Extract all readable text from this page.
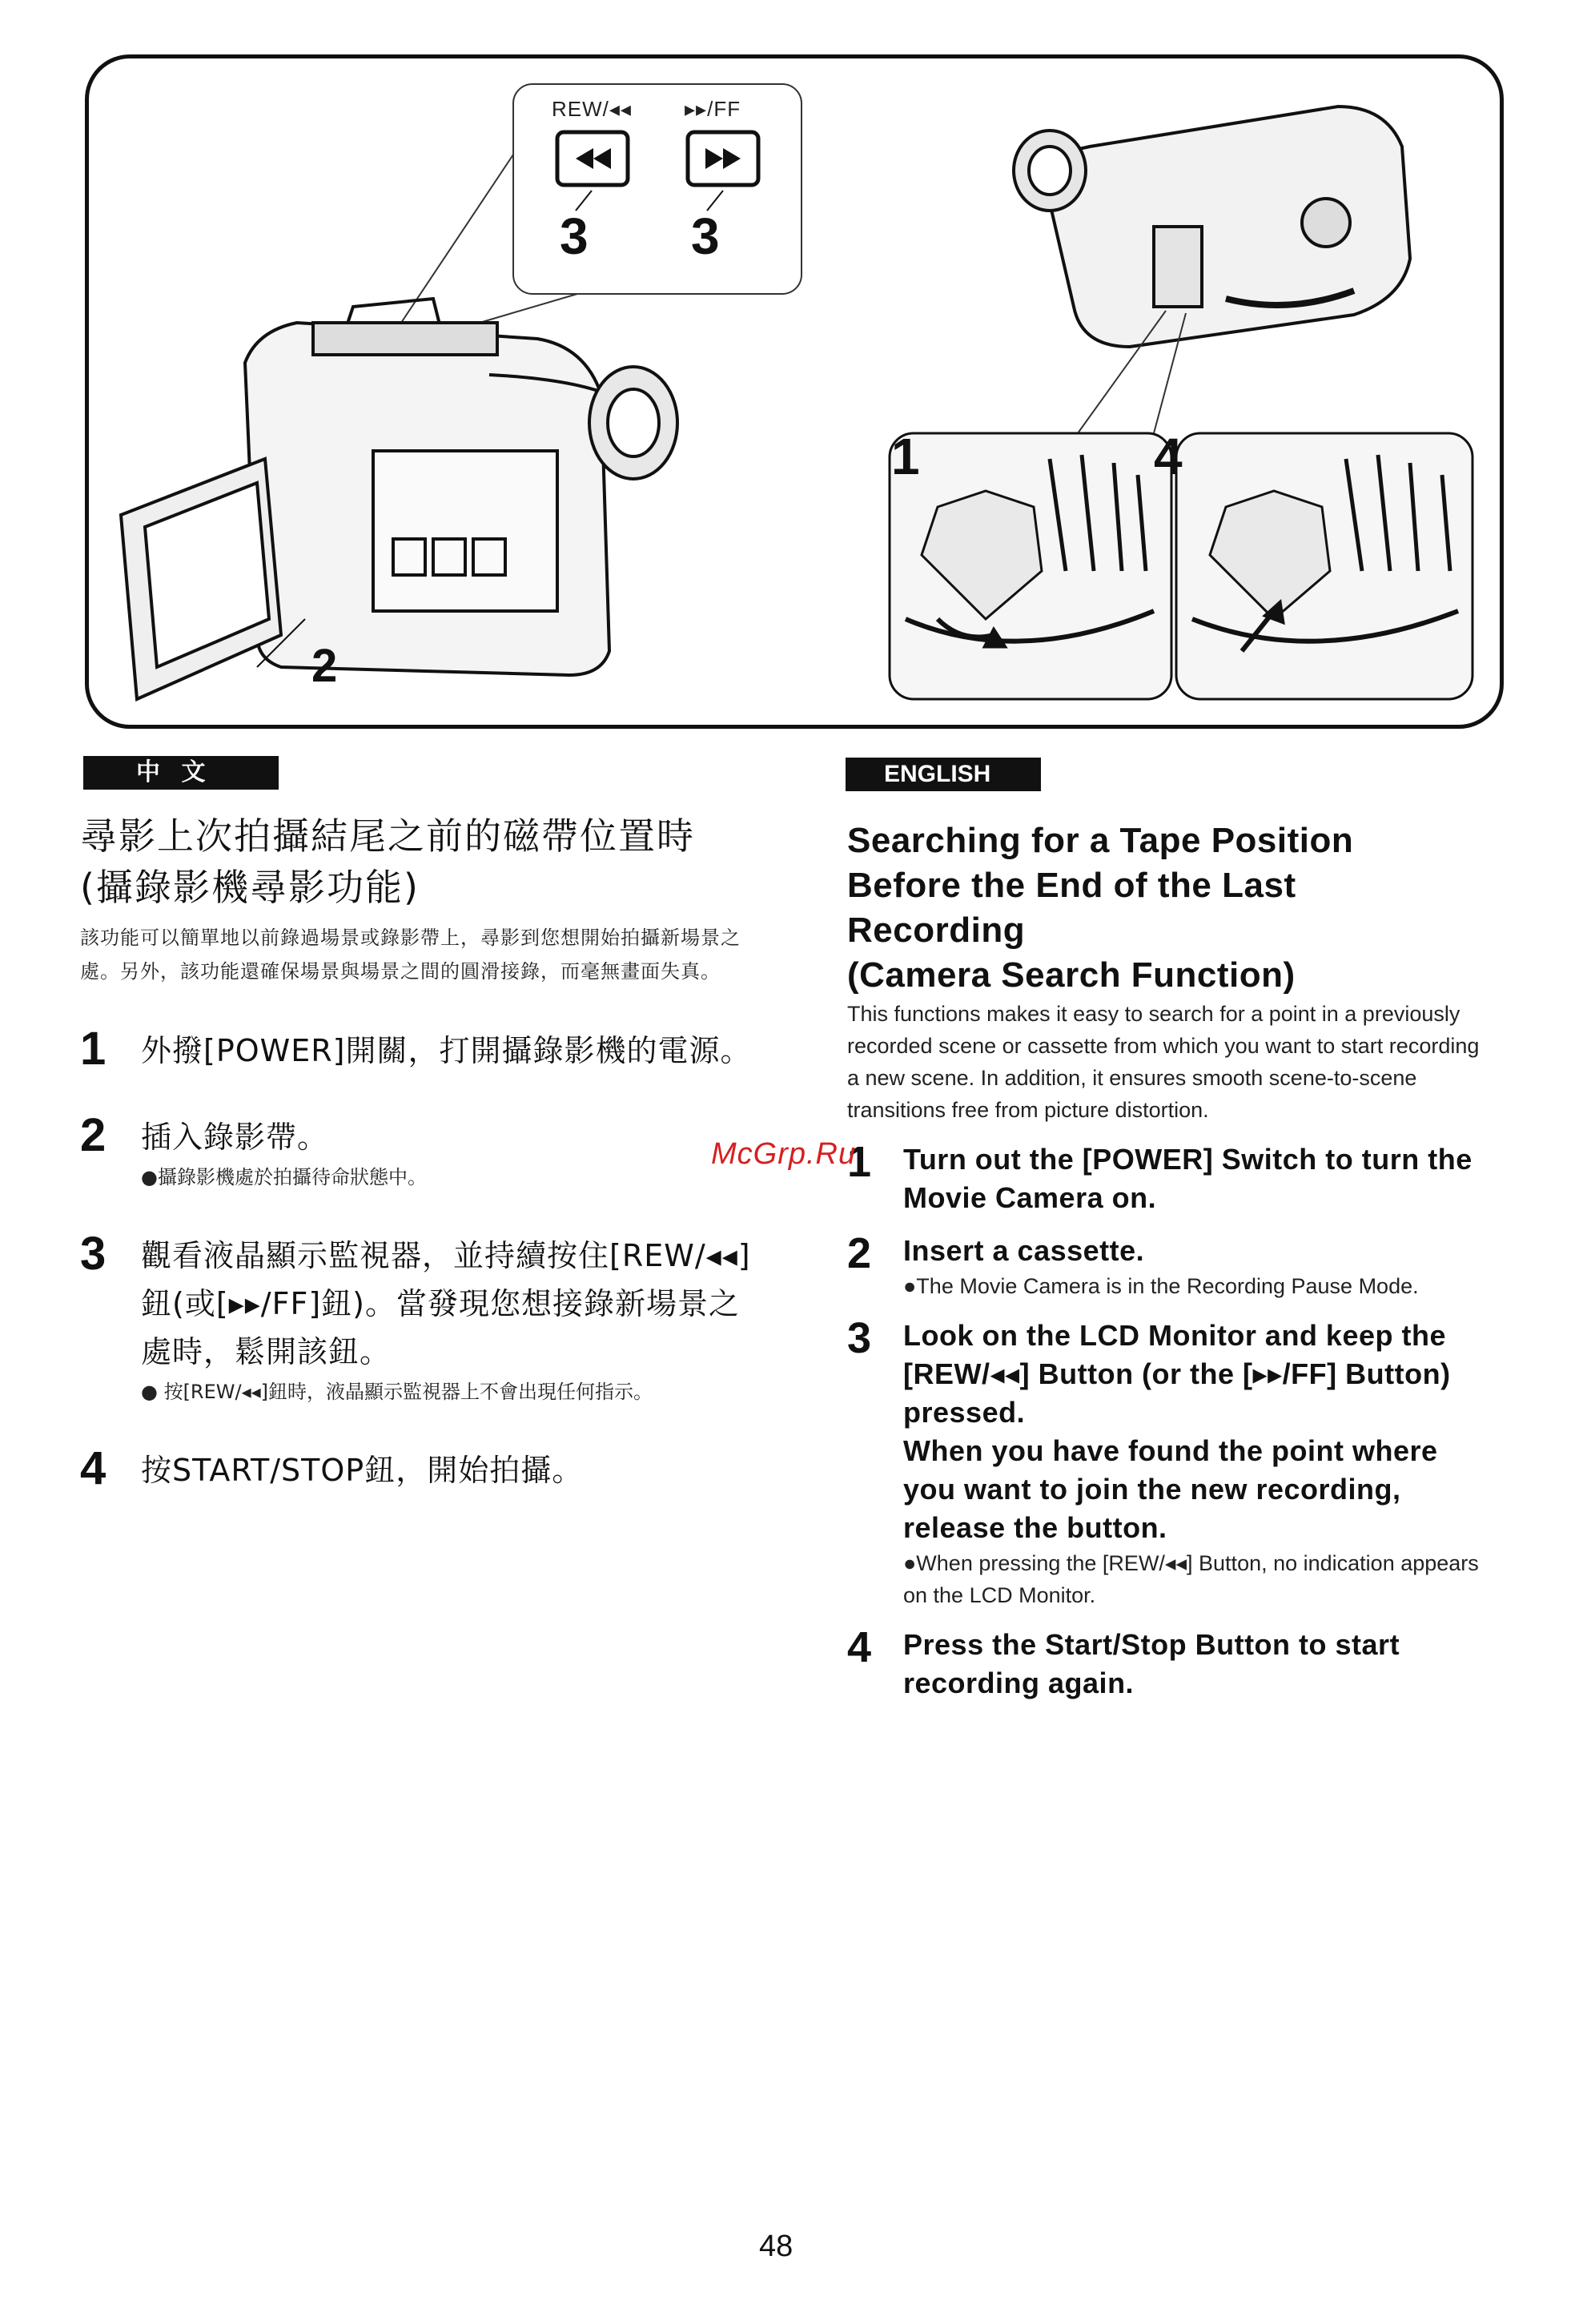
REW/◂◂	▸▸/FF
3 3
2
1	4
中 文	ENGLISH
尋影上次拍攝結尾之前的磁帶位置時
(攝錄影機尋影功能)
該功能可以簡單地以前錄過場景或錄影帶上，尋影到您想開始拍攝新場景之處。另外，該功能還確保場景與場景之間的圓滑接錄，而毫無畫面失真。
1 外撥[POWER]開關，打開攝錄影機的電源。
2 插入錄影帶。
●攝錄影機處於拍攝待命狀態中。
3 觀看液晶顯示監視器，並持續按住[REW/◂◂]鈕(或[▸▸/FF]鈕)。當發現您想接錄新場景之處時，鬆開該鈕。
● 按[REW/◂◂]鈕時，液晶顯示監視器上不會出現任何指示。
4 按START/STOP鈕，開始拍攝。
Searching for a Tape Position
Before the End of the Last
Recording
(Camera Search Function)
This functions makes it easy to search for a point in a previously recorded scene or cassette from which you want to start recording a new scene. In addition, it ensures smooth scene-to-scene transitions free from picture distortion.
1 Turn out the [POWER] Switch to turn the Movie Camera on.
2 Insert a cassette.
●The Movie Camera is in the Recording Pause Mode.
3 Look on the LCD Monitor and keep the [REW/◂◂] Button (or the [▸▸/FF] Button) pressed.
When you have found the point where you want to join the new recording, release the button.
●When pressing the [REW/◂◂] Button, no indication appears on the LCD Monitor.
4 Press the Start/Stop Button to start recording again.
McGrp.Ru
48
